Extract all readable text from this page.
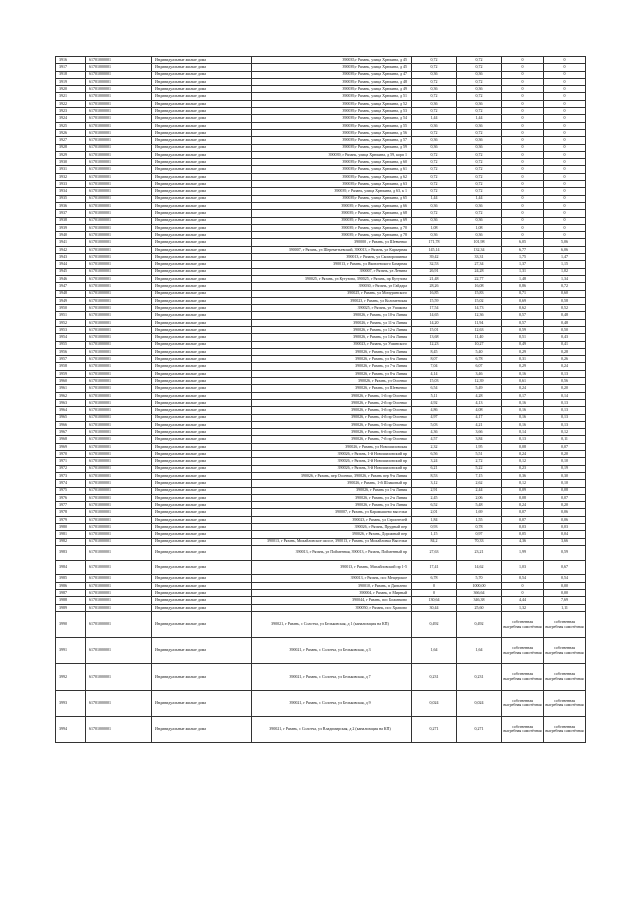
3916	61701000001	Индивидуальные жилые дома	390035,г Рязань, улица Хрюкина, д 45	0,72	0,72	0	0
3917	61701000001	Индивидуальные жилые дома	390039,г Рязань, улица Хрюкина, д 45	0,72	0,72	0	0
3918	61701000001	Индивидуальные жилые дома	390039,г Рязань, улица Хрюкина, д 47	0,36	0,36	0	0
3919	61701000001	Индивидуальные жилые дома	390039,г Рязань, улица Хрюкина, д 48	0,72	0,72	0	0
3920	61701000001	Индивидуальные жилые дома	390039,г Рязань, улица Хрюкина, д 49	0,36	0,36	0	0
3921	61701000001	Индивидуальные жилые дома	390039,г Рязань, улица Хрюкина, д 51	0,72	0,72	0	0
3922	61701000001	Индивидуальные жилые дома	390039,г Рязань, улица Хрюкина, д 52	0,36	0,36	0	0
3923	61701000001	Индивидуальные жилые дома	390039,г Рязань, улица Хрюкина, д 53	0,72	0,72	0	0
3924	61701000001	Индивидуальные жилые дома	390039,г Рязань, улица Хрюкина, д 54	1,44	1,44	0	0
3925	61701000001	Индивидуальные жилые дома	390039,г Рязань, улица Хрюкина, д 55	0,36	0,36	0	0
3926	61701000001	Индивидуальные жилые дома	390039,г Рязань, улица Хрюкина, д 56	0,72	0,72	0	0
3927	61701000001	Индивидуальные жилые дома	390039,г Рязань, улица Хрюкина, д 57	0,36	0,36	0	0
3928	61701000001	Индивидуальные жилые дома	390039,г Рязань, улица Хрюкина, д 59	0,36	0,36	0	0
3929	61701000001	Индивидуальные жилые дома	390039, г Рязань, улица Хрюкина, д 59, корп 1	0,72	0,72	0	0
3930	61701000001	Индивидуальные жилые дома	390039,г Рязань, улица Хрюкина, д 60	0,72	0,72	0	0
3931	61701000001	Индивидуальные жилые дома	390039,г Рязань, улица Хрюкина, д 61	0,72	0,72	0	0
3932	61701000001	Индивидуальные жилые дома	390039,г Рязань, улица Хрюкина, д 62	0,72	0,72	0	0
3933	61701000001	Индивидуальные жилые дома	390039,г Рязань, улица Хрюкина, д 63	0,72	0,72	0	0
3934	61701000001	Индивидуальные жилые дома	390039, г Рязань, улица Хрюкина, д 63, к 1	0,72	0,72	0	0
3935	61701000001	Индивидуальные жилые дома	390039,г Рязань, улица Хрюкина, д 65	1,44	1,44	0	0
3936	61701000001	Индивидуальные жилые дома	390039, г Рязань, улица Хрюкина, д 66	0,36	0,36	0	0
3937	61701000001	Индивидуальные жилые дома	390039, г Рязань, улица Хрюкина, д 68	0,72	0,72	0	0
3938	61701000001	Индивидуальные жилые дома	390039, г Рязань, улица Хрюкина, д 69	0,36	0,36	0	0
3939	61701000001	Индивидуальные жилые дома	390039, г Рязань, улица Хрюкина, д 70	1,08	1,08	0	0
3940	61701000001	Индивидуальные жилые дома	390039, г Рязань, улица Хрюкина, д 78	0,36	0,36	0	0
3941	61701000001	Индивидуальные жилые дома	390000 , г Рязань, ул Шевченко	171,78	101,98	6,05	5,06
3942	61701000001	Индивидуальные жилые дома	390007, г Рязань, ул Шереметьевский, 390013, г Рязань, ул Карьерная	145,14	132,34	6,77	6,06
3943	61701000001	Индивидуальные жилые дома	390013, г Рязань, ул Скоморошинка	39,42	33,31	1,75	1,47
3944	61701000001	Индивидуальные жилые дома	390013, г Рязань, ул Яковлевского Базарная	32,53	27,34	1,37	1,15
3945	61701000001	Индивидуальные жилые дома	390007, г Рязань, ул Ленина	26,91	24,28	1,31	1,02
3946	61701000001	Индивидуальные жилые дома	390025, г Рязань, ул Кутузова, 390025, г Рязань, пр Кутузова	21,48	22,77	1,48	1,34
3947	61701000001	Индивидуальные жилые дома	390030, г Рязань, ул Гайдара	28,26	16,08	0,86	0,72
3948	61701000001	Индивидуальные жилые дома	390025, г Рязань, ул Мичуринского	16,85	15,83	0,71	0,60
3949	61701000001	Индивидуальные жилые дома	390023, г Рязань, ул Коломенская	15,59	15,02	0,69	0,58
3950	61701000001	Индивидуальные жилые дома	390025, г Рязань, ул Ушакова	17,54	14,73	0,62	0,52
3951	61701000001	Индивидуальные жилые дома	390026, г Рязань, ул 10-я Линия	14,65	12,36	0,57	0,48
3952	61701000001	Индивидуальные жилые дома	390026, г Рязань, ул 11-я Линия	14,20	11,94	0,57	0,48
3953	61701000001	Индивидуальные жилые дома	390026, г Рязань, ул 12-я Линия	15,01	12,63	0,59	0,50
3954	61701000001	Индивидуальные жилые дома	390026, г Рязань, ул 14-я Линия	13,68	11,40	0,51	0,43
3955	61701000001	Индивидуальные жилые дома	390023, г Рязань, ул Ушинского	12,23	10,27	0,49	0,41
3956	61701000001	Индивидуальные жилые дома	390026, г Рязань, ул 5-я Линия	8,45	5,40	0,29	0,28
3957	61701000001	Индивидуальные жилые дома	390026, г Рязань, ул 6-я Линия	8,07	6,78	0,31	0,26
3958	61701000001	Индивидуальные жилые дома	390026, г Рязань, ул 7-я Линия	7,04	6,07	0,29	0,24
3959	61701000001	Индивидуальные жилые дома	390026, г Рязань, ул 8-я Линия	4,14	3,46	0,16	0,13
3960	61701000001	Индивидуальные жилые дома	390026, г Рязань, ул Осоенко	15,03	12,39	0,61	0,56
3961	61701000001	Индивидуальные жилые дома	390026, г Рязань, ул Шевченко	6,54	5,49	0,24	0,20
3962	61701000001	Индивидуальные жилые дома	390026, г Рязань, 1-й пр Осоенко	5,11	4,28	0,17	0,14
3963	61701000001	Индивидуальные жилые дома	390026, г Рязань, 2-й пр Осоенко	4,92	4,13	0,16	0,13
3964	61701000001	Индивидуальные жилые дома	390026, г Рязань, 3-й пр Осоенко	4,86	4,08	0,16	0,13
3965	61701000001	Индивидуальные жилые дома	390026, г Рязань, 4-й пр Осоенко	4,97	4,17	0,16	0,13
3966	61701000001	Индивидуальные жилые дома	390026, г Рязань, 5-й пр Осоенко	5,03	4,21	0,16	0,13
3967	61701000001	Индивидуальные жилые дома	390026, г Рязань, 6-й пр Осоенко	4,36	3,66	0,14	0,12
3968	61701000001	Индивидуальные жилые дома	390026, г Рязань, 7-й пр Осоенко	4,57	3,84	0,13	0,11
3969	61701000001	Индивидуальные жилые дома	390026, г Рязань, ул Новошиловская	2,32	1,95	0,08	0,07
3970	61701000001	Индивидуальные жилые дома	390026, г Рязань, 1-й Новошиловский пр	6,56	5,51	0,24	0,20
3971	61701000001	Индивидуальные жилые дома	390026, г Рязань, 2-й Новошиловский пр	3,24	2,72	0,12	0,10
3972	61701000001	Индивидуальные жилые дома	390026, г Рязань, 3-й Новошиловский пр	6,21	5,22	0,23	0,19
3973	61701000001	Индивидуальные жилые дома	390026, г Рязань, пер Осоенко, 390026, г Рязань пер 9-я Линия	8,53	7,15	0,36	0,30
3974	61701000001	Индивидуальные жилые дома	390026, г Рязань, 1-й Шлаковый пр	3,12	2,62	0,12	0,10
3975	61701000001	Индивидуальные жилые дома	390026, г Рязань ул 1-я Линия	2,91	2,44	0,09	0,08
3976	61701000001	Индивидуальные жилые дома	390026, г Рязань, ул 2-я Линия	2,45	2,06	0,08	0,07
3977	61701000001	Индивидуальные жилые дома	390026, г Рязань, ул 3-я Линия	6,52	5,48	0,24	0,20
3978	61701000001	Индивидуальные жилые дома	390007, г Рязань, ул Карамышево выселки	2,01	1,69	0,07	0,06
3979	61701000001	Индивидуальные жилые дома	390023, г Рязань, ул Строителей	1,84	1,55	0,07	0,06
3980	61701000001	Индивидуальные жилые дома	390026, г Рязань, Прудный пер	0,93	0,78	0,03	0,03
3981	61701000001	Индивидуальные жилые дома	390026, г Рязань, Дорожный пер	1,15	0,97	0,05	0,04
3982	61701000001	Индивидуальные жилые дома	390013, г Рязань, Михайловское шоссе, 390013, г Рязань, ул Михайловка Выселки	84,2	70,33	4,36	3,66
3983	61701000001	Индивидуальные жилые дома	390013, г Рязань, ул Пойменная, 390013, г Рязань, Пойменный пр	27,63	23,21	1,99	0,59
3984	61701000001	Индивидуальные жилые дома	390013, г Рязань, Михайловский пр 1-5	17,41	14,62	1,03	0,67
3985	61701000001	Индивидуальные жилые дома	390013, г Рязань, пос Мещерское	6,78	5,70	0,54	0,54
3986	61701000001	Индивидуальные жилые дома	390010, г Рязань, п Дягилево	0	1000,00	0	0,00
3987	61701000001	Индивидуальные жилые дома	390004, г Рязань, п Мирный	0	366,64	0	0,00
3988	61701000001	Индивидуальные жилые дома	390044, г Рязань, пос Божатково	130,64	346,38	4,44	7,69
3989	61701000001	Индивидуальные жилые дома	390050, г Рязань, пос Храпово	30,44	25,60	1,32	1,11
3990	61701000001	Индивидуальные жилые дома	390021, г Рязань, с Солотча, ул Бельковская, д 1 (канализация на КП)	0,492	0,492	собственная выгребная самотёчная	собственная выгребная самотёчная
3991	61701000001	Индивидуальные жилые дома	390021, г Рязань, с Солотча, ул Бельковская, д 3	1,64	1,64	собственная выгребная самотёчная	собственная выгребная самотёчная
3992	61701000001	Индивидуальные жилые дома	390021, г Рязань, с Солотча, ул Бельковская, д 7	0,231	0,231	собственная выгребная самотёчная	собственная выгребная самотёчная
3993	61701000001	Индивидуальные жилые дома	390021, г Рязань, с Солотча, ул Бельковская, д 9	0,024	0,024	собственная выгребная самотёчная	собственная выгребная самотёчная
3994	61701000001	Индивидуальные жилые дома	390021, г Рязань, с Солотча, ул Владимирская, д 2 (канализация на КП)	0,271	0,271	собственная выгребная самотёчная	собственная выгребная самотёчная
